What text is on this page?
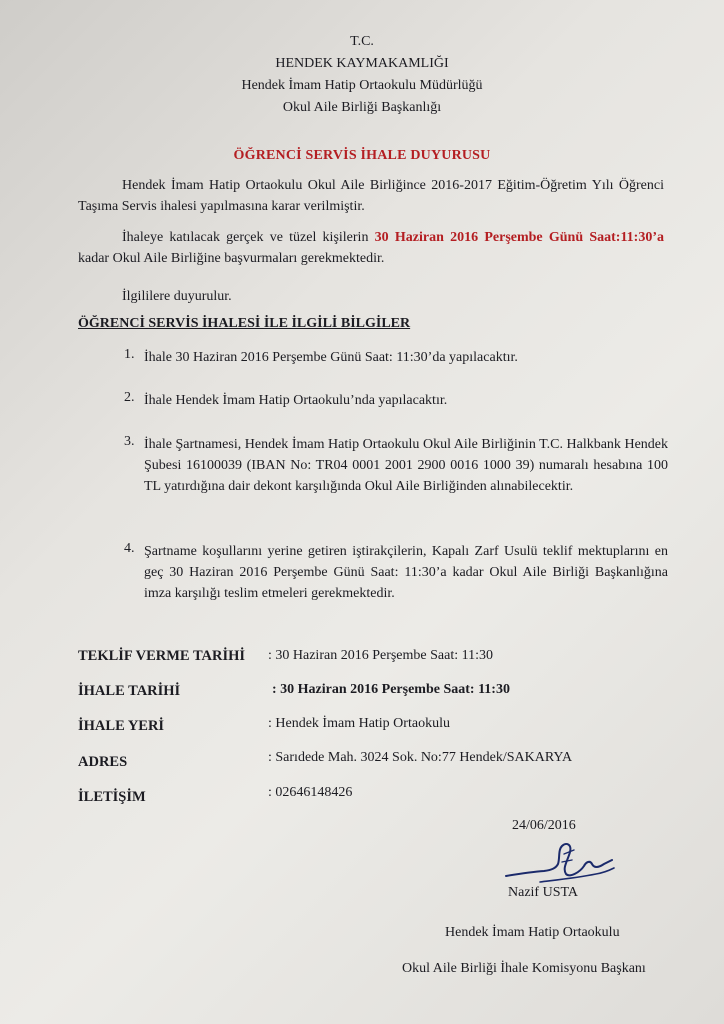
T.C.
HENDEK KAYMAKAMLIĞI
Hendek İmam Hatip Ortaokulu Müdürlüğü
Okul Aile Birliği Başkanlığı
ÖĞRENCİ SERVİS İHALE DUYURUSU
Hendek İmam Hatip Ortaokulu Okul Aile Birliğince 2016-2017 Eğitim-Öğretim Yılı Öğrenci Taşıma Servis ihalesi yapılmasına karar verilmiştir.
İhaleye katılacak gerçek ve tüzel kişilerin 30 Haziran 2016 Perşembe Günü Saat:11:30’a kadar Okul Aile Birliğine başvurmaları gerekmektedir.
İlgililere duyurulur.
ÖĞRENCİ SERVİS İHALESİ İLE İLGİLİ BİLGİLER
1. İhale 30 Haziran 2016 Perşembe Günü Saat: 11:30’da yapılacaktır.
2. İhale Hendek İmam Hatip Ortaokulu’nda yapılacaktır.
3. İhale Şartnamesi, Hendek İmam Hatip Ortaokulu Okul Aile Birliğinin T.C. Halkbank Hendek Şubesi 16100039 (IBAN No: TR04 0001 2001 2900 0016 1000 39) numaralı hesabına 100 TL yatırdığına dair dekont karşılığında Okul Aile Birliğinden alınabilecektir.
4. Şartname koşullarını yerine getiren iştirakçilerin, Kapalı Zarf Usulü teklif mektuplarını en geç 30 Haziran 2016 Perşembe Günü Saat: 11:30’a kadar Okul Aile Birliği Başkanlığına imza karşılığı teslim etmeleri gerekmektedir.
TEKLİF VERME TARİHİ : 30 Haziran 2016 Perşembe Saat: 11:30
İHALE TARİHİ	: 30 Haziran 2016 Perşembe Saat: 11:30
İHALE YERİ	: Hendek İmam Hatip Ortaokulu
ADRES	: Sarıdede Mah. 3024 Sok. No:77 Hendek/SAKARYA
İLETİŞİM	: 02646148426
24/06/2016
Nazif USTA
Hendek İmam Hatip Ortaokulu
Okul Aile Birliği İhale Komisyonu Başkanı
